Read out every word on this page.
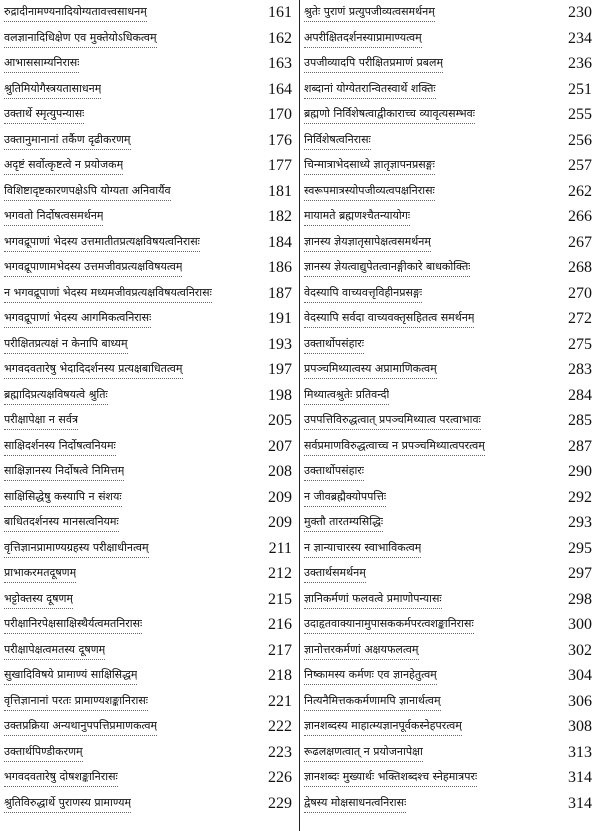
रुद्रादीनामण्यनादियोग्यतावत्त्वसाधनम्	161
वलज्ञानादिधिक्षेण एव मुक्तेयोऽधिकत्वम्	162
आभाससाम्यनिरासः	163
श्रुतिमियोगैस्त्रयतासाधनम्	164
उक्तार्थे स्मृत्युपन्यासः	170
उक्तानुमानानां तर्कैण दृढीकरणम्	176
अदृष्टं सर्वोत्कृष्टत्वे न प्रयोजकम्	177
विशिष्टादृष्टकारणपक्षेऽपि योग्यता अनिवार्यैव	181
भगवतो निर्दोषत्वसमर्थनम्	182
भगवद्रूपाणां भेदस्य उत्तमातीतप्रत्यक्षविषयत्वनिरासः	184
भगवद्रूपाणामभेदस्य उत्तमजीवप्रत्यक्षविषयत्वम्	186
न भगवद्रूपाणां भेदस्य मध्यमजीवप्रत्यक्षविषयत्वनिरासः	187
भगवद्रूपाणां भेदस्य आगमिकत्वनिरासः	191
परीक्षितप्रत्यक्षं न केनापि बाध्यम्	193
भगवदवतारेषु भेदादिदर्शनस्य प्रत्यक्षबाधितत्वम्	197
ब्रह्मादिप्रत्यक्षविषयत्वे श्रुतिः	198
परीक्षापेक्षा न सर्वत्र	205
साक्षिदर्शनस्य निर्दोषत्वनियमः	207
साक्षिज्ञानस्य निर्दोषत्वे निमित्तम्	208
साक्षिसिद्धेषु कस्यापि न संशयः	209
बाधितदर्शनस्य मानसत्वनियमः	209
वृत्तिज्ञानप्रामाण्यग्रहस्य परीक्षाधीनत्वम्	211
प्राभाकरमतदूषणम्	212
भट्टोक्तस्य दूषणम्	215
परीक्षानिरपेक्षसाक्षिस्थैर्यत्वमतनिरासः	216
परीक्षापेक्षत्वमतस्य दूषणम्	217
सुखादिविषये प्रामाण्यं साक्षिसिद्धम्	218
वृत्तिज्ञानानां परतः प्रामाण्यशङ्कानिरासः	221
उक्तप्रक्रिया अन्यथानुपपत्तिप्रमाणकत्वम्	222
उक्तार्थपिण्डीकरणम्	223
भगवदवतारेषु दोषशङ्कानिरासः	226
श्रुतिविरुद्धार्थे पुराणस्य प्रामाण्यम्	229
श्रुतेः पुराणं प्रत्युपजीव्यत्वसमर्थनम्	230
अपरीक्षितदर्शनस्याप्रामाण्यत्वम्	234
उपजीव्यादपि परीक्षितप्रमाणं प्रबलम्	236
शब्दानां योग्येतरान्वितस्वार्थे शक्तिः	251
ब्रह्मणो निर्विशेषत्वाद्वीकाराच्च व्यावृत्यसम्भवः	255
निर्विशेषत्वनिरासः	256
चिन्मात्राभेदसाध्ये ज्ञातृज्ञापनप्रसङ्गः	257
स्वरूपमात्रस्योपजीव्यत्वपक्षनिरासः	262
मायामते ब्रह्मणश्चैतन्यायोगः	266
ज्ञानस्य ज्ञेयज्ञातृसापेक्षत्वसमर्थनम्	267
ज्ञानस्य ज्ञेयत्वाद्युपेतत्वानङ्गीकारे बाधकोक्तिः	268
वेदस्यापि वाच्यवत्तृविहीनप्रसङ्गः	270
वेदस्यापि सर्वदा वाच्यवक्तृसहितत्व समर्थनम्	272
उक्तार्थोपसंहारः	275
प्रपञ्चमिथ्यात्वस्य अप्रामाणिकत्वम्	283
मिथ्यात्वश्रुतेः प्रतिवन्दी	284
उपपत्तिविरुद्धत्वात् प्रपञ्चमिथ्यात्व परत्वाभावः	285
सर्वप्रमाणविरुद्धत्वाच्च न प्रपञ्चमिथ्यात्वपरत्वम्	287
उक्तार्थोपसंहारः	290
न जीवब्रह्मैक्योपपत्तिः	292
मुक्तौ तारतम्यसिद्धिः	293
न ज्ञान्याचारस्य स्वाभाविकत्वम्	295
उक्तार्थसमर्थनम्	297
ज्ञानिकर्मणां फलवत्वे प्रमाणोपन्यासः	298
उदाहृतवाक्यानामुपासककर्मपरत्वशङ्कानिरासः	300
ज्ञानोत्तरकर्मणां अक्षयफलत्वम्	302
निष्कामस्य कर्मणः एव ज्ञानहेतुत्वम्	304
नित्यनैमित्तककर्मणामपि ज्ञानार्थत्वम्	306
ज्ञानशब्दस्य माहात्म्यज्ञानपूर्वकस्नेहपरत्वम्	308
रूढलक्षणत्वात् न प्रयोजनापेक्षा	313
ज्ञानशब्दः मुख्यार्थः भक्तिशब्दश्च स्नेहमात्रपरः	314
द्वेषस्य मोक्षसाधनत्वनिरासः	314
